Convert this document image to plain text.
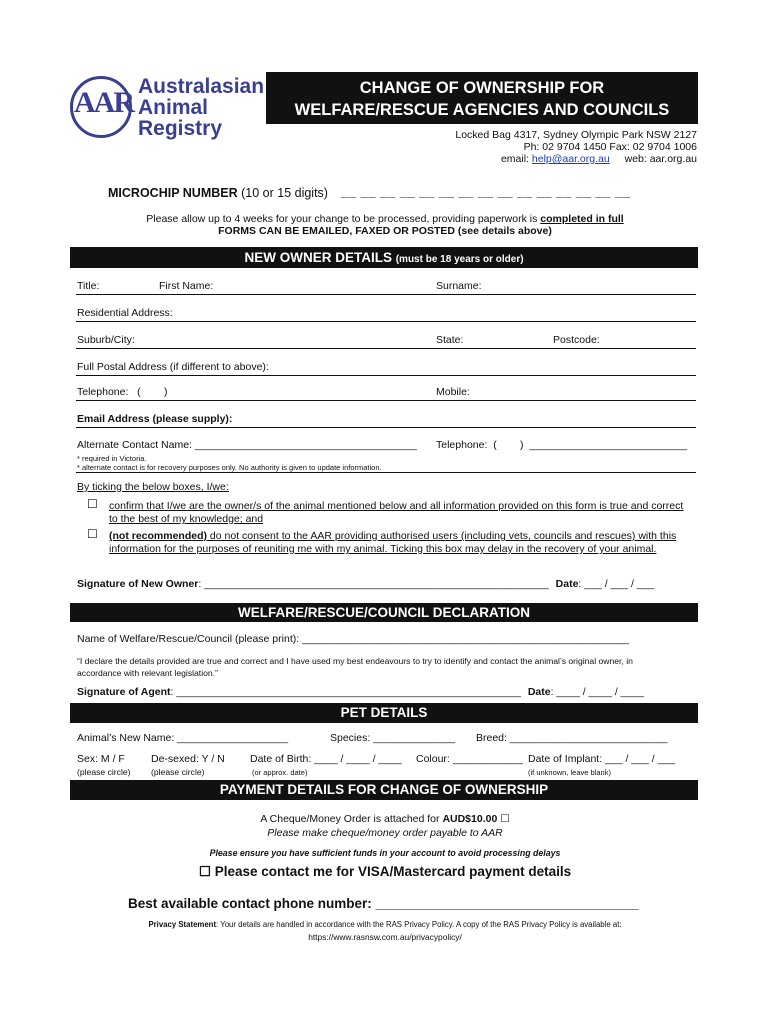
AAR Australasian
Animal
Registry
CHANGE OF OWNERSHIP FOR
WELFARE/RESCUE AGENCIES AND COUNCILS
Locked Bag 4317, Sydney Olympic Park NSW 2127
Ph: 02 9704 1450 Fax: 02 9704 1006
email: help@aar.org.au web: aar.org.au
MICROCHIP NUMBER (10 or 15 digits) __ __ __ __ __ __ __ __ __ __ __ __ __ __ __
Please allow up to 4 weeks for your change to be processed, providing paperwork is completed in full
FORMS CAN BE EMAILED, FAXED OR POSTED (see details above)
NEW OWNER DETAILS (must be 18 years or older)
Title:	First Name:	Surname:
Residential Address:
Suburb/City:	State:	Postcode:
Full Postal Address (if different to above):
Telephone:   (        )	Mobile:
Email Address (please supply):
Alternate Contact Name: ______________________________________ Telephone:  (        )  ___________________________
* required in Victoria.
* alternate contact is for recovery purposes only. No authority is given to update information.
By ticking the below boxes, I/we:
☐ confirm that I/we are the owner/s of the animal mentioned below and all information provided on this form is true and correct
to the best of my knowledge; and
☐ (not recommended) do not consent to the AAR providing authorised users (including vets, councils and rescues) with this
information for the purposes of reuniting me with my animal. Ticking this box may delay in the recovery of your animal.
Signature of New Owner: ___________________________________________________________ Date: ___ / ___ / ___
WELFARE/RESCUE/COUNCIL DECLARATION
Name of Welfare/Rescue/Council (please print): ________________________________________________________
“I declare the details provided are true and correct and I have used my best endeavours to try to identify and contact the animal’s original owner, in
accordance with relevant legislation.”
Signature of Agent: ___________________________________________________________ Date: ____ / ____ / ____
PET DETAILS
Animal’s New Name: ___________________	Species: ______________ Breed: ___________________________
Sex: M / F
(please circle)
De-sexed: Y / N
(please circle)
Date of Birth: ____ / ____ / ____
(or approx. date)
Colour: ____________ Date of Implant: ___ / ___ / ___
(if unknown, leave blank)
PAYMENT DETAILS FOR CHANGE OF OWNERSHIP
A Cheque/Money Order is attached for AUD$10.00 ☐
Please make cheque/money order payable to AAR
Please ensure you have sufficient funds in your account to avoid processing delays
☐ Please contact me for VISA/Mastercard payment details
Best available contact phone number: ___________________________________
Privacy Statement: Your details are handled in accordance with the RAS Privacy Policy. A copy of the RAS Privacy Policy is available at:
https://www.rasnsw.com.au/privacypolicy/
